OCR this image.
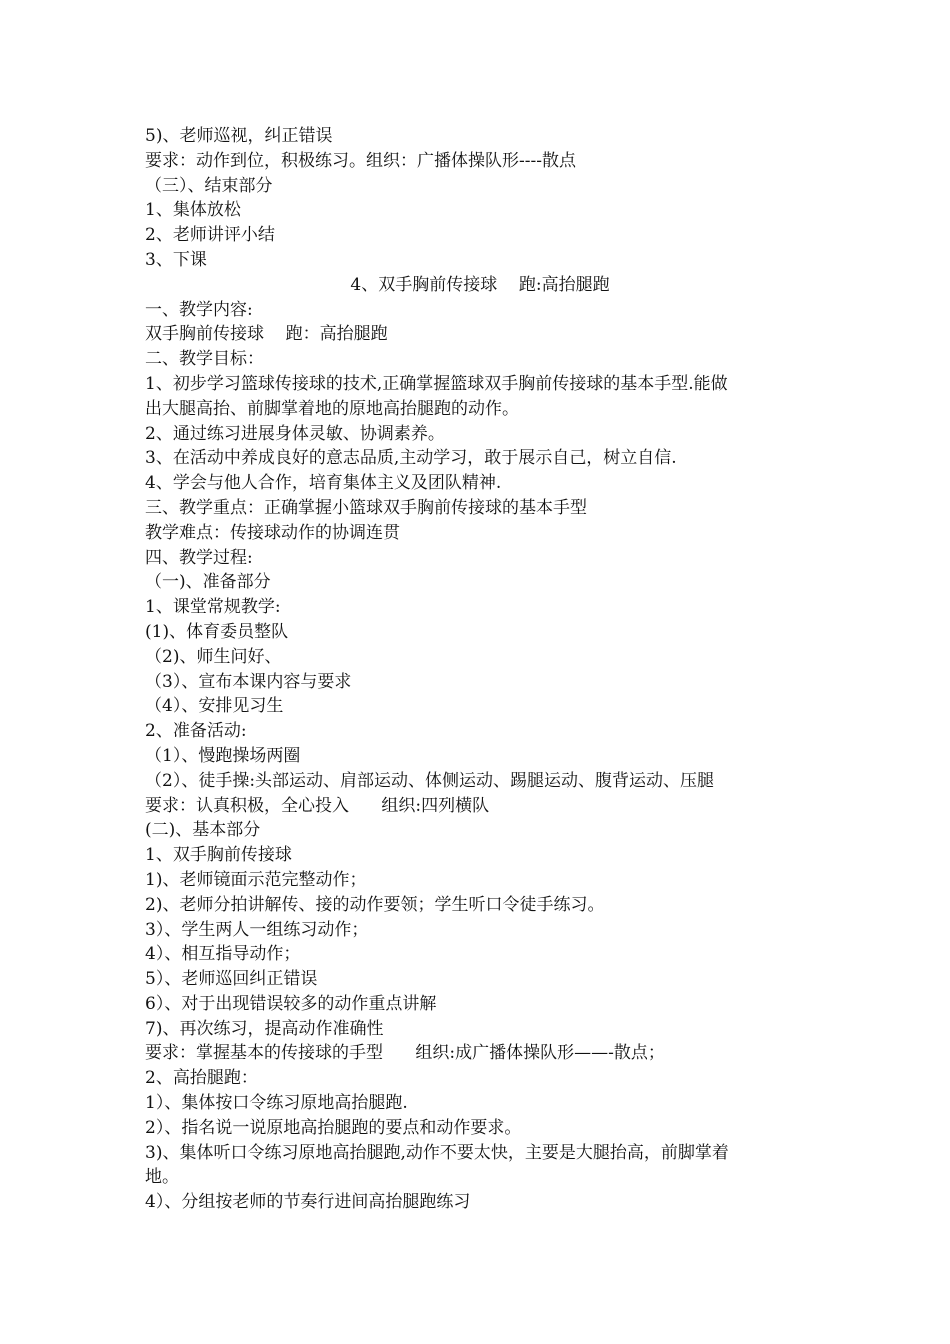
5)、老师巡视，纠正错误
要求：动作到位，积极练习。组织：广播体操队形----散点
（三）、结束部分
1、集体放松
2、老师讲评小结
3、下课
4、双手胸前传接球    跑:高抬腿跑
一、教学内容:
双手胸前传接球    跑：高抬腿跑
二、教学目标：
1、初步学习篮球传接球的技术,正确掌握篮球双手胸前传接球的基本手型.能做
出大腿高抬、前脚掌着地的原地高抬腿跑的动作。
2、通过练习进展身体灵敏、协调素养。
3、在活动中养成良好的意志品质,主动学习，敢于展示自己，树立自信.
4、学会与他人合作，培育集体主义及团队精神.
三、教学重点：正确掌握小篮球双手胸前传接球的基本手型
教学难点：传接球动作的协调连贯
四、教学过程:
（一)、准备部分
1、课堂常规教学:
(1)、体育委员整队
（2)、师生问好、
（3）、宣布本课内容与要求
（4）、安排见习生
2、准备活动:
（1）、慢跑操场两圈
（2）、徒手操:头部运动、肩部运动、体侧运动、踢腿运动、腹背运动、压腿
要求：认真积极，全心投入      组织:四列横队
(二)、基本部分
1、双手胸前传接球
1)、老师镜面示范完整动作；
2)、老师分拍讲解传、接的动作要领；学生听口令徒手练习。
3）、学生两人一组练习动作；
4）、相互指导动作；
5）、老师巡回纠正错误
6）、对于出现错误较多的动作重点讲解
7)、再次练习，提高动作准确性
要求：掌握基本的传接球的手型      组织:成广播体操队形——-散点；
2、高抬腿跑：
1）、集体按口令练习原地高抬腿跑.
2）、指名说一说原地高抬腿跑的要点和动作要求。
3)、集体听口令练习原地高抬腿跑,动作不要太快，主要是大腿抬高，前脚掌着
地。
4）、分组按老师的节奏行进间高抬腿跑练习
